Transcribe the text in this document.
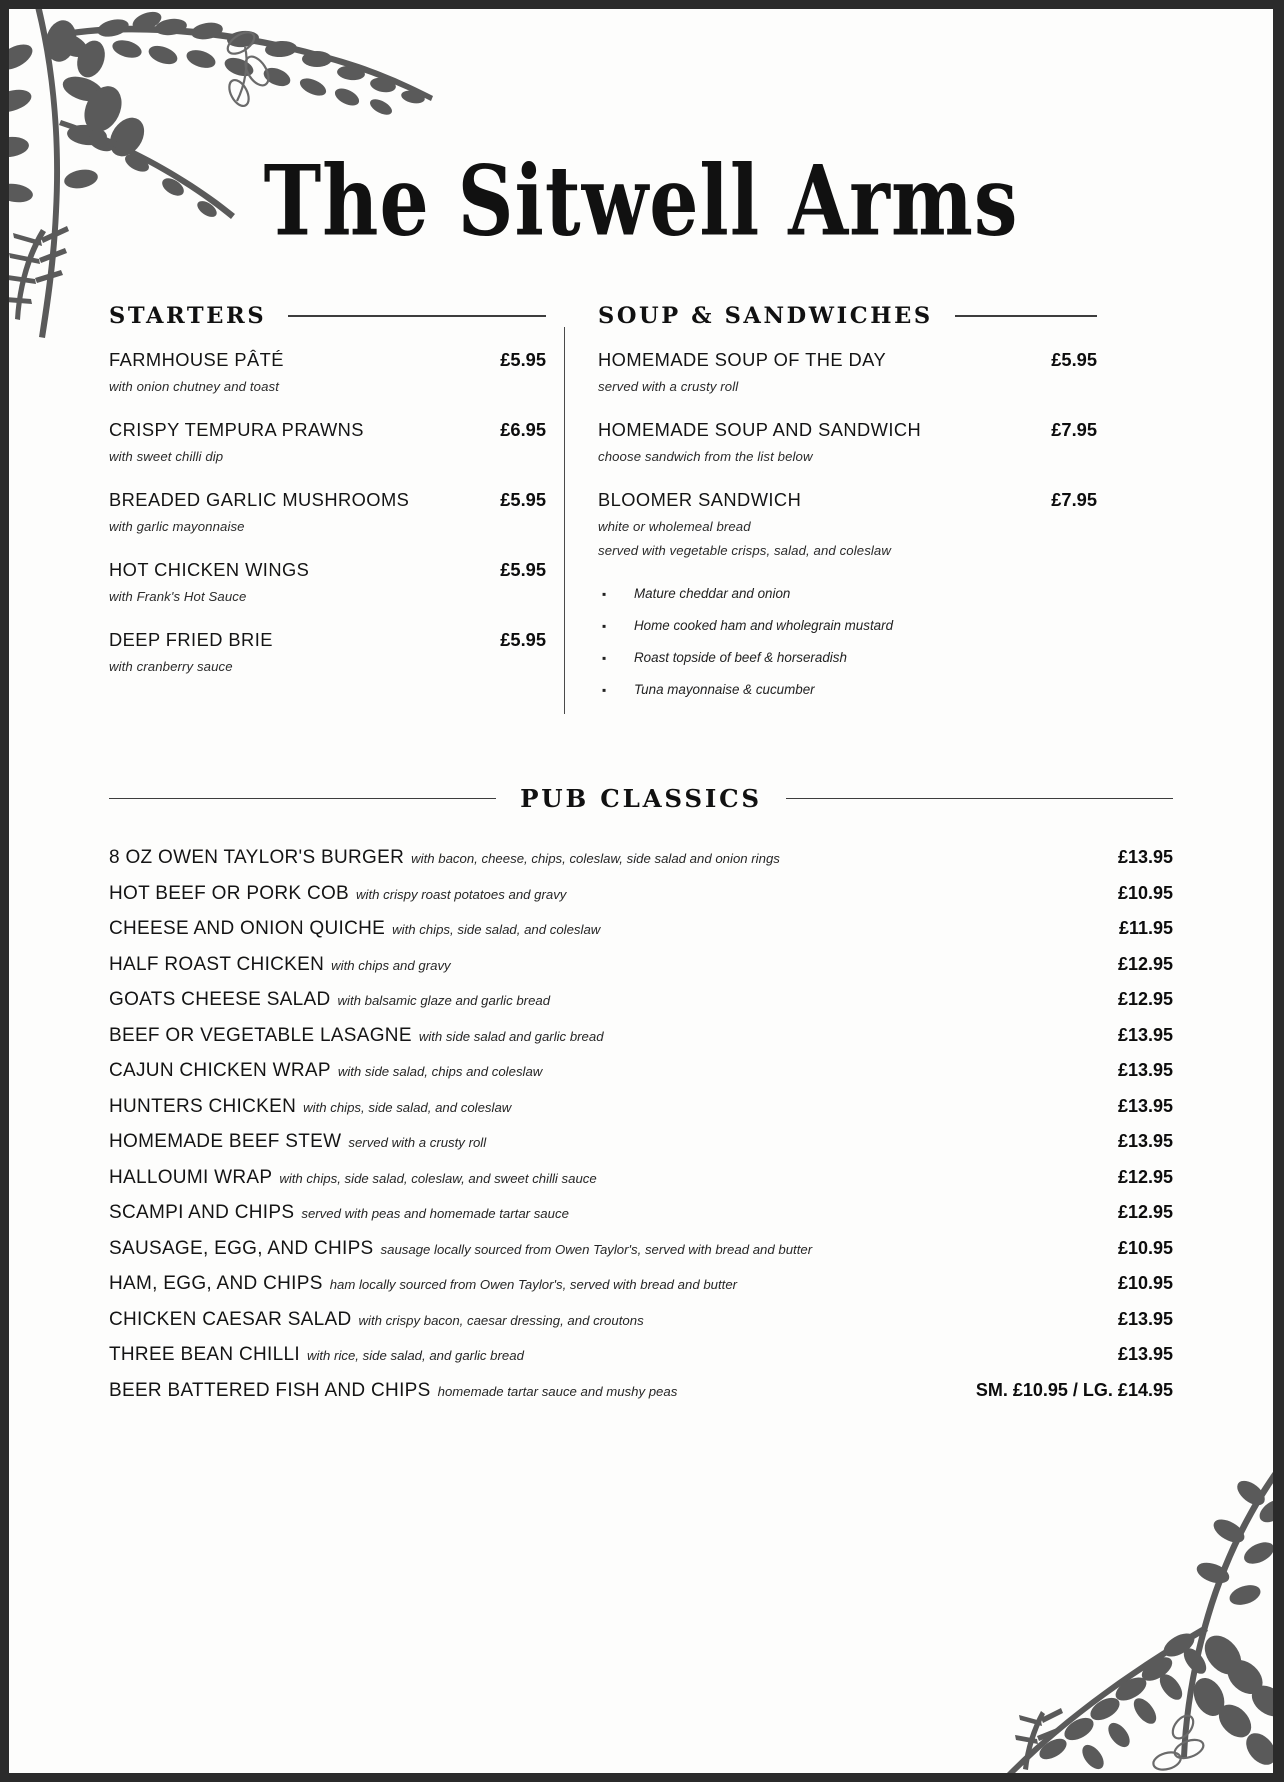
The Sitwell Arms
STARTERS
FARMHOUSE PÂTÉ	£5.95
with onion chutney and toast
CRISPY TEMPURA PRAWNS	£6.95
with sweet chilli dip
BREADED GARLIC MUSHROOMS	£5.95
with garlic mayonnaise
HOT CHICKEN WINGS	£5.95
with Frank's Hot Sauce
DEEP FRIED BRIE	£5.95
with cranberry sauce
SOUP & SANDWICHES
HOMEMADE SOUP OF THE DAY	£5.95
served with a crusty roll
HOMEMADE SOUP AND SANDWICH	£7.95
choose sandwich from the list below
BLOOMER SANDWICH	£7.95
white or wholemeal bread
served with vegetable crisps, salad, and coleslaw
▪	Mature cheddar and onion
▪	Home cooked ham and wholegrain mustard
▪	Roast topside of beef & horseradish
▪	Tuna mayonnaise & cucumber
PUB CLASSICS
8 OZ OWEN TAYLOR'S BURGER with bacon, cheese, chips, coleslaw, side salad and onion rings	£13.95
HOT BEEF OR PORK COB with crispy roast potatoes and gravy	£10.95
CHEESE AND ONION QUICHE with chips, side salad, and coleslaw	£11.95
HALF ROAST CHICKEN with chips and gravy	£12.95
GOATS CHEESE SALAD with balsamic glaze and garlic bread	£12.95
BEEF OR VEGETABLE LASAGNE with side salad and garlic bread	£13.95
CAJUN CHICKEN WRAP with side salad, chips and coleslaw	£13.95
HUNTERS CHICKEN with chips, side salad, and coleslaw	£13.95
HOMEMADE BEEF STEW served with a crusty roll	£13.95
HALLOUMI WRAP with chips, side salad, coleslaw, and sweet chilli sauce	£12.95
SCAMPI AND CHIPS served with peas and homemade tartar sauce	£12.95
SAUSAGE, EGG, AND CHIPS sausage locally sourced from Owen Taylor's, served with bread and butter	£10.95
HAM, EGG, AND CHIPS ham locally sourced from Owen Taylor's, served with bread and butter	£10.95
CHICKEN CAESAR SALAD with crispy bacon, caesar dressing, and croutons	£13.95
THREE BEAN CHILLI with rice, side salad, and garlic bread	£13.95
BEER BATTERED FISH AND CHIPS homemade tartar sauce and mushy peas	SM. £10.95 / LG. £14.95
